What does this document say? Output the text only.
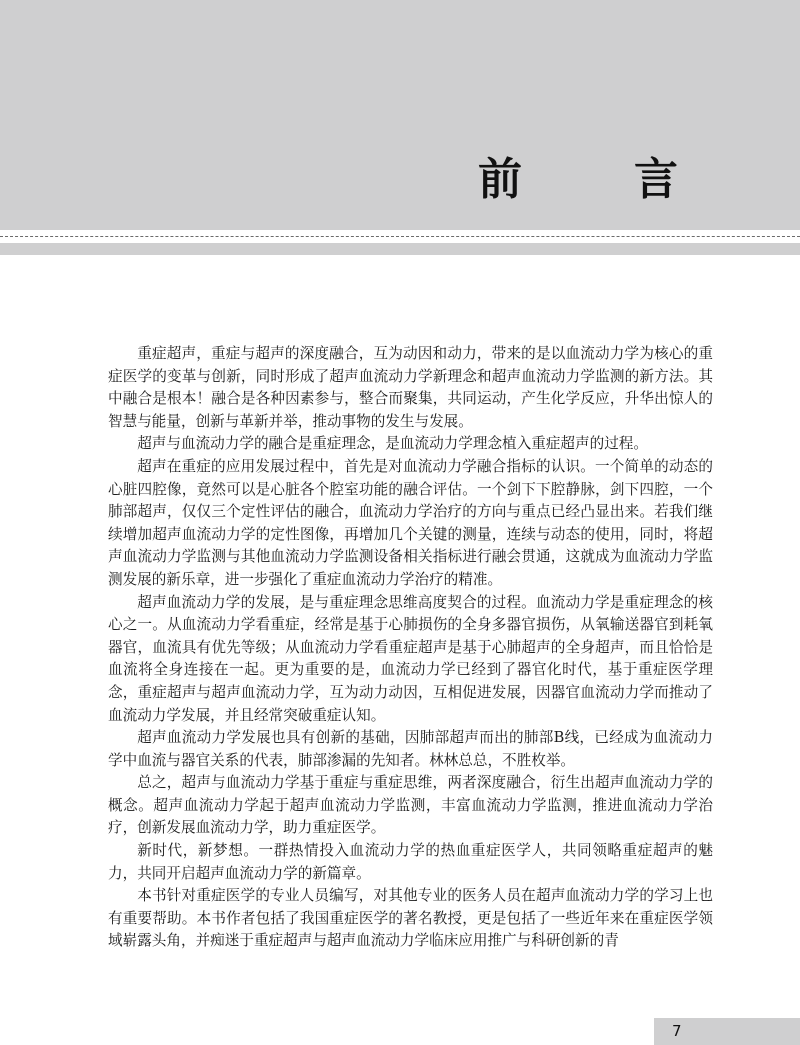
前　言

重症超声，重症与超声的深度融合，互为动因和动力，带来的是以血流动力学为核心的重症医学的变革与创新，同时形成了超声血流动力学新理念和超声血流动力学监测的新方法。其中融合是根本！融合是各种因素参与，整合而聚集，共同运动，产生化学反应，升华出惊人的智慧与能量，创新与革新并举，推动事物的发生与发展。

超声与血流动力学的融合是重症理念，是血流动力学理念植入重症超声的过程。

超声在重症的应用发展过程中，首先是对血流动力学融合指标的认识。一个简单的动态的心脏四腔像，竟然可以是心脏各个腔室功能的融合评估。一个剑下下腔静脉，剑下四腔，一个肺部超声，仅仅三个定性评估的融合，血流动力学治疗的方向与重点已经凸显出来。若我们继续增加超声血流动力学的定性图像，再增加几个关键的测量，连续与动态的使用，同时，将超声血流动力学监测与其他血流动力学监测设备相关指标进行融会贯通，这就成为血流动力学监测发展的新乐章，进一步强化了重症血流动力学治疗的精准。

超声血流动力学的发展，是与重症理念思维高度契合的过程。血流动力学是重症理念的核心之一。从血流动力学看重症，经常是基于心肺损伤的全身多器官损伤，从氧输送器官到耗氧器官，血流具有优先等级；从血流动力学看重症超声是基于心肺超声的全身超声，而且恰恰是血流将全身连接在一起。更为重要的是，血流动力学已经到了器官化时代，基于重症医学理念，重症超声与超声血流动力学，互为动力动因，互相促进发展，因器官血流动力学而推动了血流动力学发展，并且经常突破重症认知。

超声血流动力学发展也具有创新的基础，因肺部超声而出的肺部B线，已经成为血流动力学中血流与器官关系的代表，肺部渗漏的先知者。林林总总，不胜枚举。

总之，超声与血流动力学基于重症与重症思维，两者深度融合，衍生出超声血流动力学的概念。超声血流动力学起于超声血流动力学监测，丰富血流动力学监测，推进血流动力学治疗，创新发展血流动力学，助力重症医学。

新时代，新梦想。一群热情投入血流动力学的热血重症医学人，共同领略重症超声的魅力，共同开启超声血流动力学的新篇章。

本书针对重症医学的专业人员编写，对其他专业的医务人员在超声血流动力学的学习上也有重要帮助。本书作者包括了我国重症医学的著名教授，更是包括了一些近年来在重症医学领域崭露头角，并痴迷于重症超声与超声血流动力学临床应用推广与科研创新的青

7
